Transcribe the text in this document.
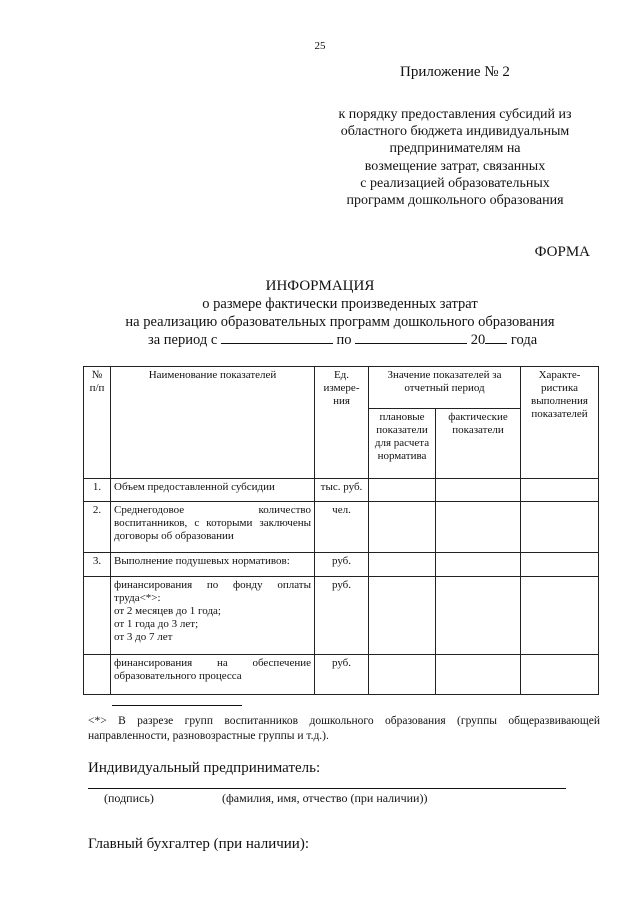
25
Приложение № 2
к порядку предоставления субсидий из
областного бюджета индивидуальным
предпринимателям на
возмещение затрат, связанных
с реализацией образовательных
программ дошкольного образования
ФОРМА
ИНФОРМАЦИЯ
о размере фактически произведенных затрат
на реализацию образовательных программ дошкольного образования
за период с	по	20 года
№ п/п	Наименование показателей	Ед. измере- ния	Значение показателей за отчетный период		Характе- ристика выполнения показателей
			плановые показатели для расчета норматива	фактические показатели	
1.	Объем предоставленной субсидии	тыс. руб.			
2.	Среднегодовое количество воспитанников, с которыми заключены договоры об образовании	чел.			
3.	Выполнение подушевых нормативов:	руб.			

	финансирования по фонду оплаты труда<*>:
от 2 месяцев до 1 года;
от 1 года до 3 лет;
от 3 до 7 лет	руб.			
	финансирования на обеспечение образовательного процесса	руб.			
<*> В разрезе групп воспитанников дошкольного образования (группы общеразвивающей направленности, разновозрастные группы и т.д.).
Индивидуальный предприниматель:
(подпись)	(фамилия, имя, отчество (при наличии))
Главный бухгалтер (при наличии):
